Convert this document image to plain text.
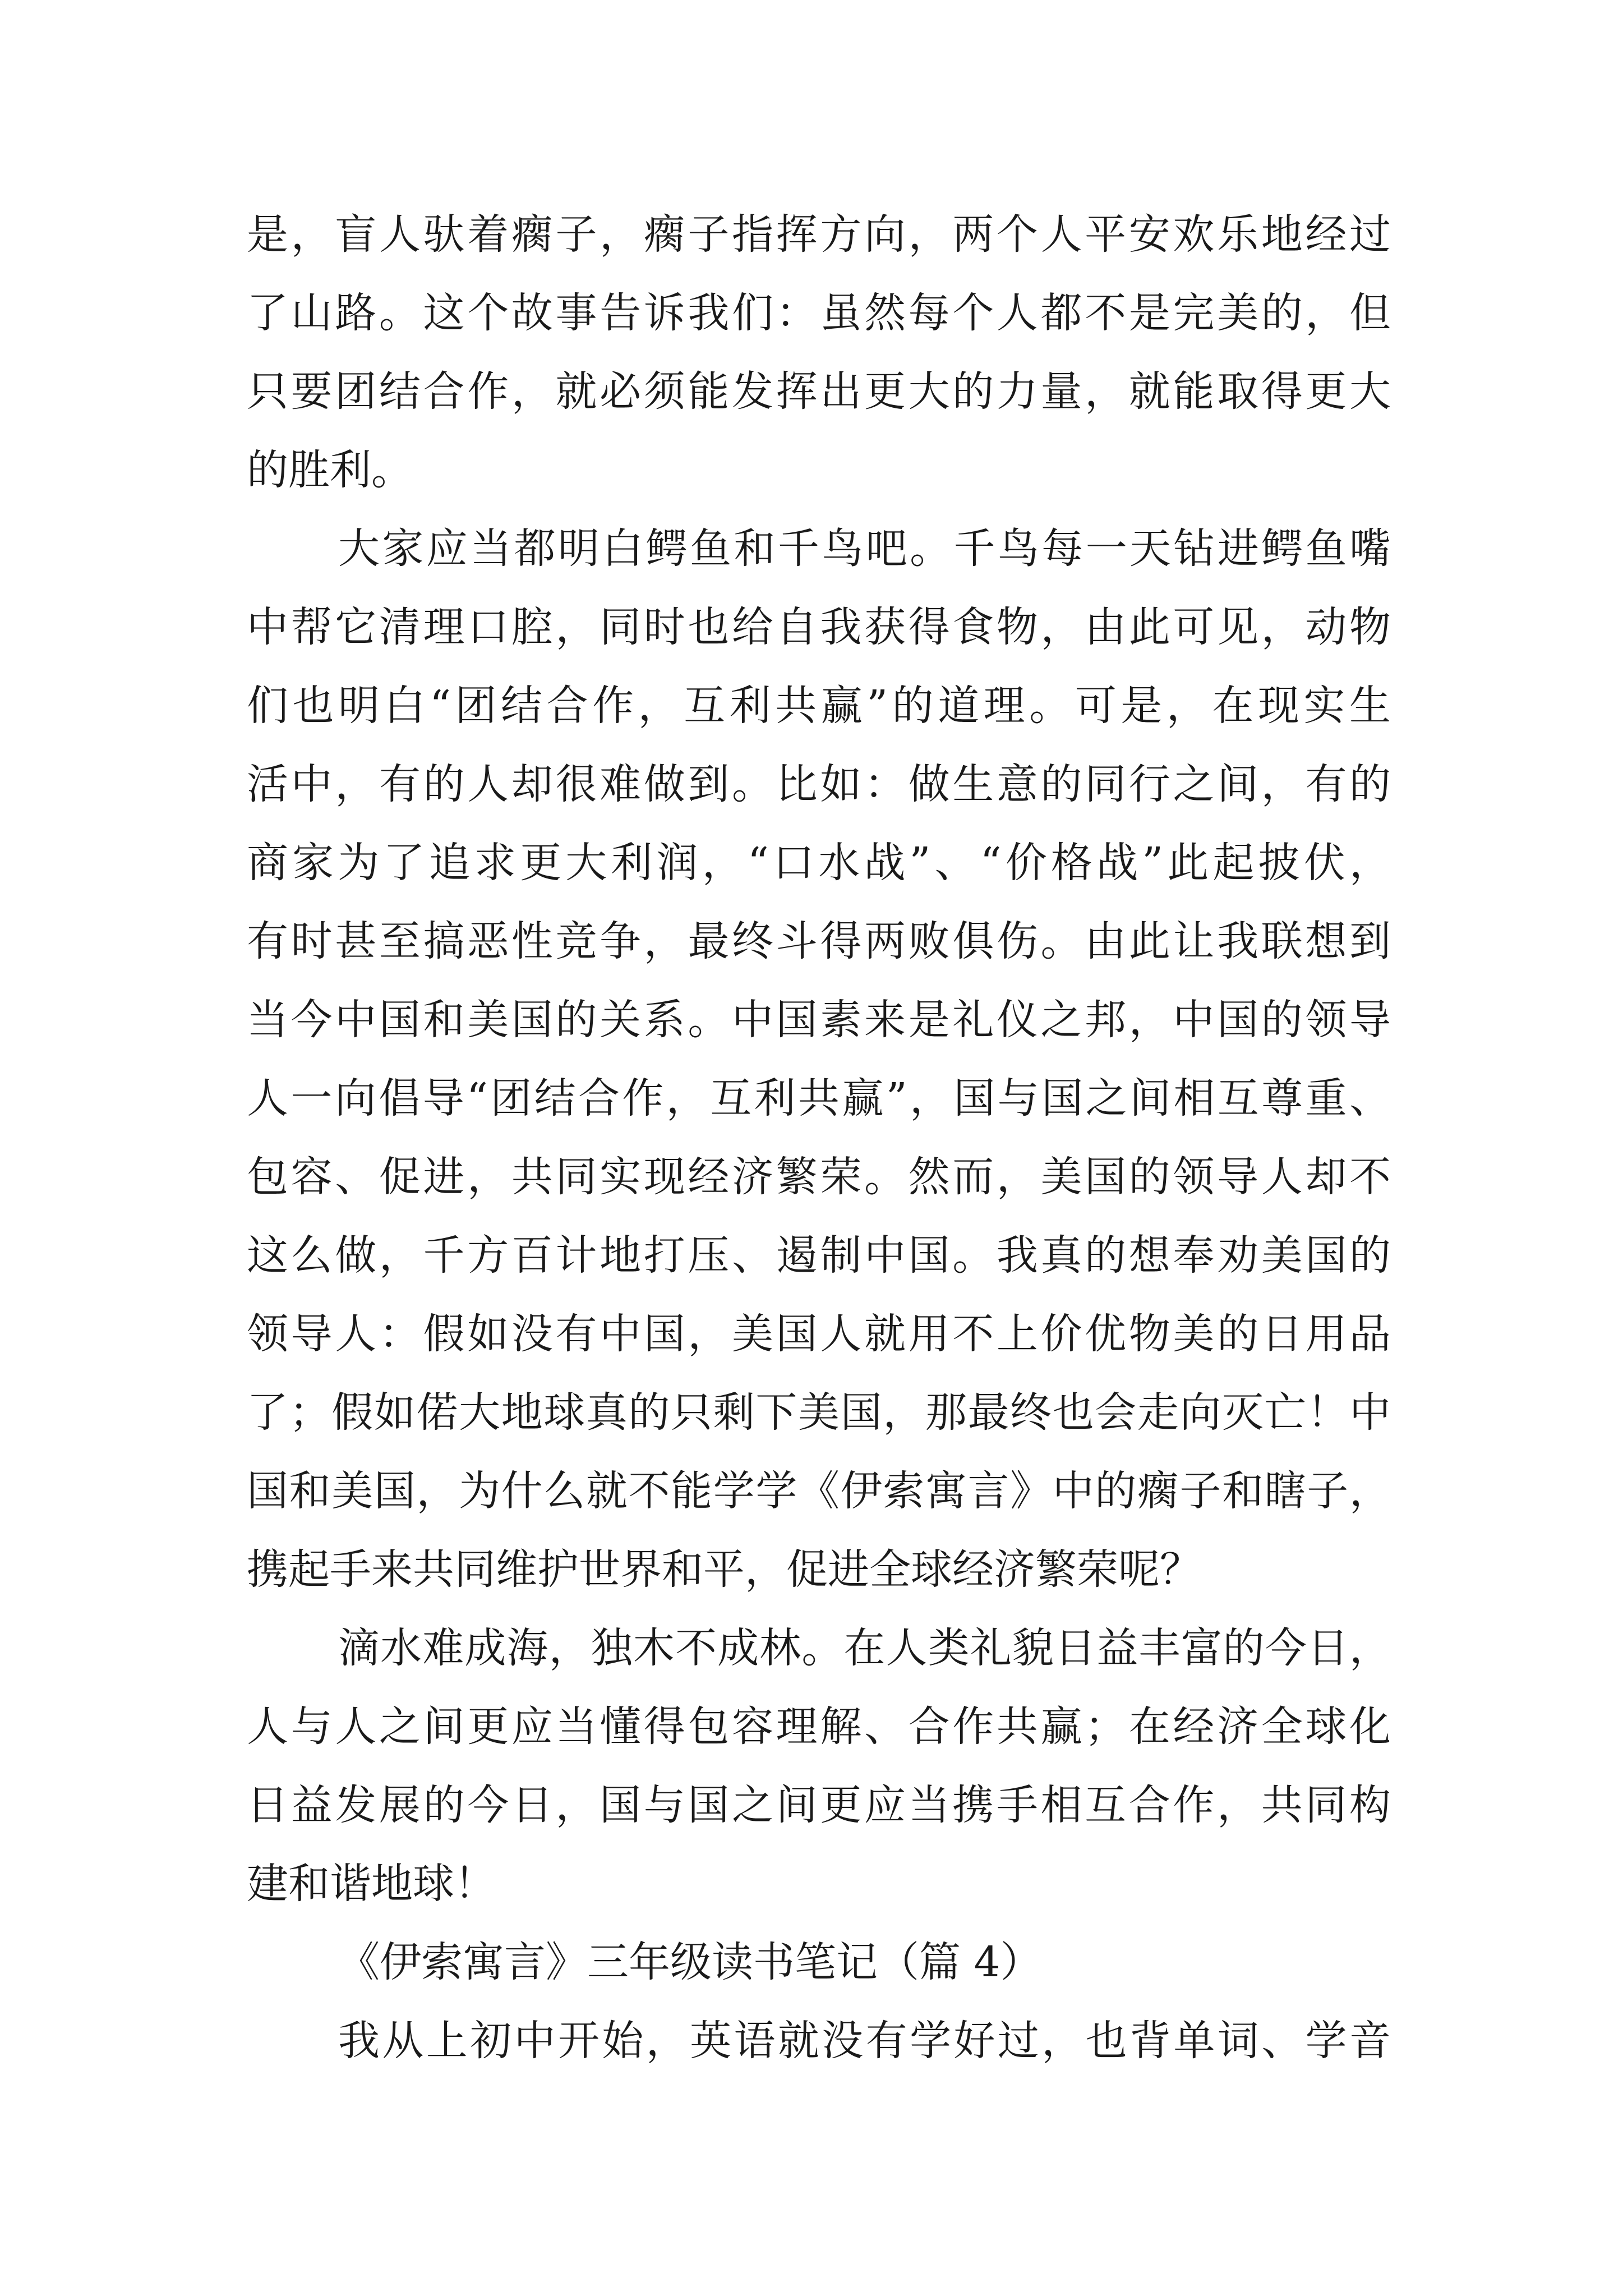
是，盲人驮着瘸子，瘸子指挥方向，两个人平安欢乐地经过
了山路。这个故事告诉我们：虽然每个人都不是完美的，但
只要团结合作，就必须能发挥出更大的力量，就能取得更大
的胜利。
大家应当都明白鳄鱼和千鸟吧。千鸟每一天钻进鳄鱼嘴
中帮它清理口腔，同时也给自我获得食物，由此可见，动物
们也明白“团结合作，互利共赢”的道理。可是，在现实生
活中，有的人却很难做到。比如：做生意的同行之间，有的
商家为了追求更大利润，“口水战”、“价格战”此起披伏，
有时甚至搞恶性竞争，最终斗得两败俱伤。由此让我联想到
当今中国和美国的关系。中国素来是礼仪之邦，中国的领导
人一向倡导“团结合作，互利共赢”，国与国之间相互尊重、
包容、促进，共同实现经济繁荣。然而，美国的领导人却不
这么做，千方百计地打压、遏制中国。我真的想奉劝美国的
领导人：假如没有中国，美国人就用不上价优物美的日用品
了；假如偌大地球真的只剩下美国，那最终也会走向灭亡！中
国和美国，为什么就不能学学《伊索寓言》中的瘸子和瞎子，
携起手来共同维护世界和平，促进全球经济繁荣呢？
滴水难成海，独木不成林。在人类礼貌日益丰富的今日，
人与人之间更应当懂得包容理解、合作共赢；在经济全球化
日益发展的今日，国与国之间更应当携手相互合作，共同构
建和谐地球！
《伊索寓言》三年级读书笔记（篇 4）
我从上初中开始，英语就没有学好过，也背单词、学音
